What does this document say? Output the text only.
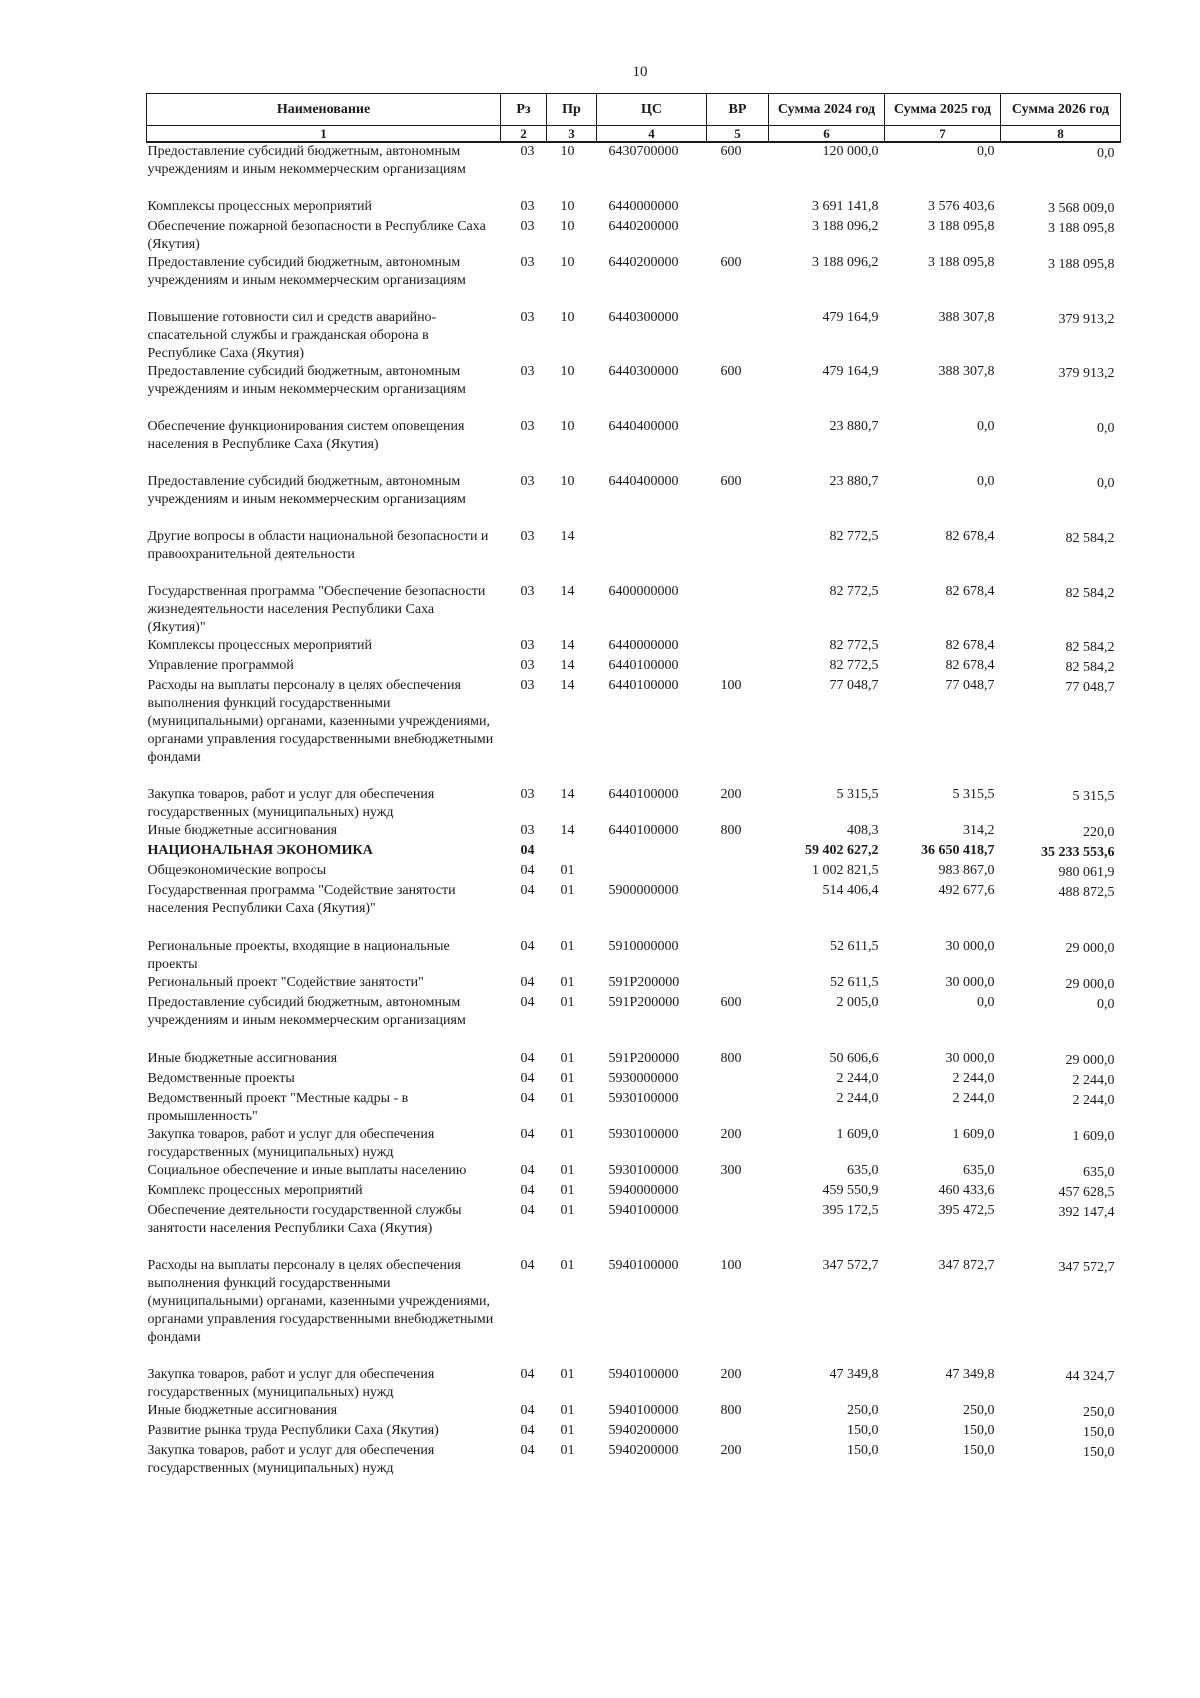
10
Наименование	Рз	Пр	ЦС	ВР	Сумма 2024 год	Сумма 2025 год	Сумма 2026 год
1	2	3	4	5	6	7	8
Предоставление субсидий бюджетным, автономным учреждениям и иным некоммерческим организациям	03	10	6430700000	600	120 000,0	0,0	0,0
Комплексы процессных мероприятий	03	10	6440000000		3 691 141,8	3 576 403,6	3 568 009,0
Обеспечение пожарной безопасности в Республике Саха (Якутия)	03	10	6440200000		3 188 096,2	3 188 095,8	3 188 095,8
Предоставление субсидий бюджетным, автономным учреждениям и иным некоммерческим организациям	03	10	6440200000	600	3 188 096,2	3 188 095,8	3 188 095,8
Повышение готовности сил и средств аварийно-спасательной службы и гражданская оборона в Республике Саха (Якутия)	03	10	6440300000		479 164,9	388 307,8	379 913,2
Предоставление субсидий бюджетным, автономным учреждениям и иным некоммерческим организациям	03	10	6440300000	600	479 164,9	388 307,8	379 913,2
Обеспечение функционирования систем оповещения населения в Республике Саха (Якутия)	03	10	6440400000		23 880,7	0,0	0,0
Предоставление субсидий бюджетным, автономным учреждениям и иным некоммерческим организациям	03	10	6440400000	600	23 880,7	0,0	0,0
Другие вопросы в области национальной безопасности и правоохранительной деятельности	03	14			82 772,5	82 678,4	82 584,2
Государственная программа "Обеспечение безопасности жизнедеятельности населения Республики Саха (Якутия)"	03	14	6400000000		82 772,5	82 678,4	82 584,2
Комплексы процессных мероприятий	03	14	6440000000		82 772,5	82 678,4	82 584,2
Управление программой	03	14	6440100000		82 772,5	82 678,4	82 584,2
Расходы на выплаты персоналу в целях обеспечения выполнения функций государственными (муниципальными) органами, казенными учреждениями, органами управления государственными внебюджетными фондами	03	14	6440100000	100	77 048,7	77 048,7	77 048,7
Закупка товаров, работ и услуг для обеспечения государственных (муниципальных) нужд	03	14	6440100000	200	5 315,5	5 315,5	5 315,5
Иные бюджетные ассигнования	03	14	6440100000	800	408,3	314,2	220,0
НАЦИОНАЛЬНАЯ ЭКОНОМИКА	04				59 402 627,2	36 650 418,7	35 233 553,6
Общеэкономические вопросы	04	01			1 002 821,5	983 867,0	980 061,9
Государственная программа "Содействие занятости населения Республики Саха (Якутия)"	04	01	5900000000		514 406,4	492 677,6	488 872,5
Региональные проекты, входящие в национальные проекты	04	01	5910000000		52 611,5	30 000,0	29 000,0
Региональный проект "Содействие занятости"	04	01	591P200000		52 611,5	30 000,0	29 000,0
Предоставление субсидий бюджетным, автономным учреждениям и иным некоммерческим организациям	04	01	591P200000	600	2 005,0	0,0	0,0
Иные бюджетные ассигнования	04	01	591P200000	800	50 606,6	30 000,0	29 000,0
Ведомственные проекты	04	01	5930000000		2 244,0	2 244,0	2 244,0
Ведомственный проект "Местные кадры - в промышленность"	04	01	5930100000		2 244,0	2 244,0	2 244,0
Закупка товаров, работ и услуг для обеспечения государственных (муниципальных) нужд	04	01	5930100000	200	1 609,0	1 609,0	1 609,0
Социальное обеспечение и иные выплаты населению	04	01	5930100000	300	635,0	635,0	635,0
Комплекс процессных мероприятий	04	01	5940000000		459 550,9	460 433,6	457 628,5
Обеспечение деятельности государственной службы занятости населения Республики Саха (Якутия)	04	01	5940100000		395 172,5	395 472,5	392 147,4
Расходы на выплаты персоналу в целях обеспечения выполнения функций государственными (муниципальными) органами, казенными учреждениями, органами управления государственными внебюджетными фондами	04	01	5940100000	100	347 572,7	347 872,7	347 572,7
Закупка товаров, работ и услуг для обеспечения государственных (муниципальных) нужд	04	01	5940100000	200	47 349,8	47 349,8	44 324,7
Иные бюджетные ассигнования	04	01	5940100000	800	250,0	250,0	250,0
Развитие рынка труда Республики Саха (Якутия)	04	01	5940200000		150,0	150,0	150,0
Закупка товаров, работ и услуг для обеспечения государственных (муниципальных) нужд	04	01	5940200000	200	150,0	150,0	150,0
